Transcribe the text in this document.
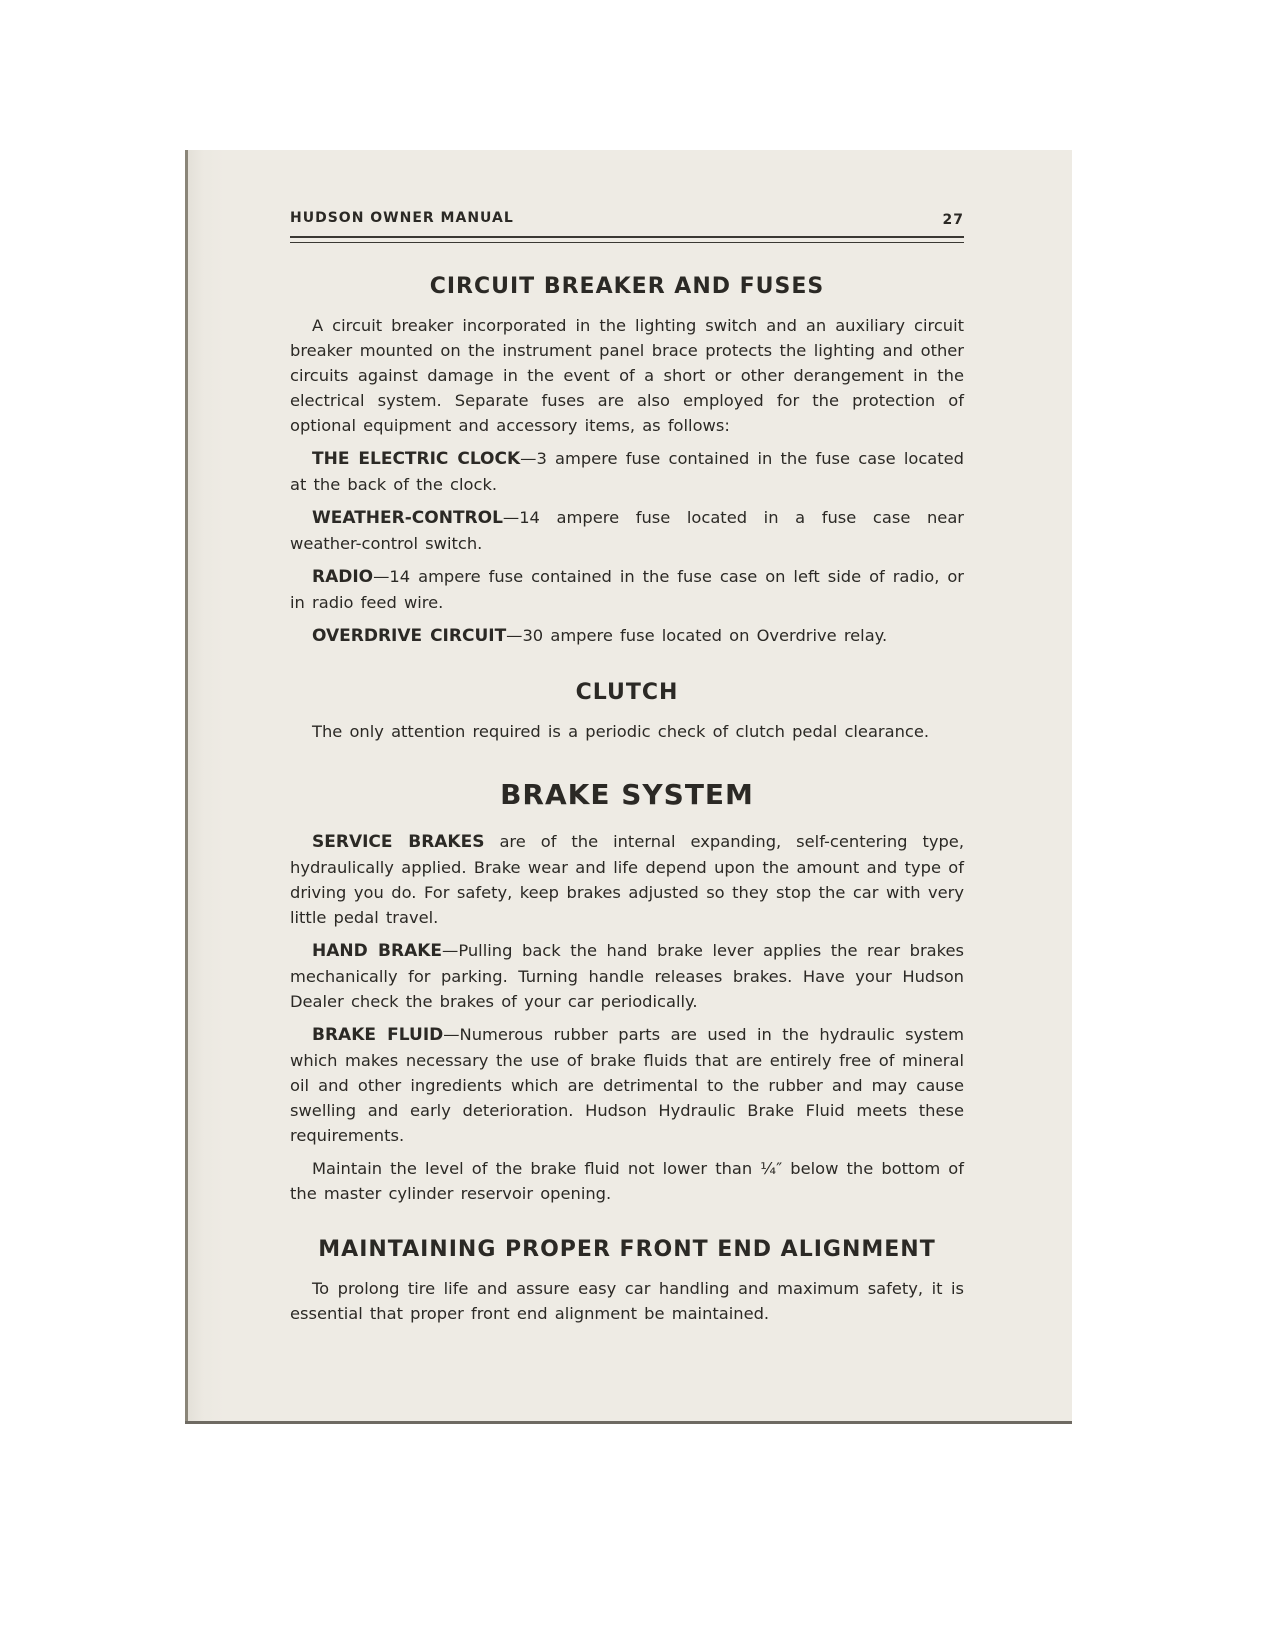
HUDSON OWNER MANUAL	27
CIRCUIT BREAKER AND FUSES

A circuit breaker incorporated in the lighting switch and an auxiliary circuit breaker mounted on the instrument panel brace protects the lighting and other circuits against damage in the event of a short or other derangement in the electrical system. Separate fuses are also employed for the protection of optional equipment and accessory items, as follows:

THE ELECTRIC CLOCK—3 ampere fuse contained in the fuse case located at the back of the clock.

WEATHER-CONTROL—14 ampere fuse located in a fuse case near weather-control switch.

RADIO—14 ampere fuse contained in the fuse case on left side of radio, or in radio feed wire.

OVERDRIVE CIRCUIT—30 ampere fuse located on Overdrive relay.

CLUTCH

The only attention required is a periodic check of clutch pedal clearance.

BRAKE SYSTEM

SERVICE BRAKES are of the internal expanding, self-centering type, hydraulically applied. Brake wear and life depend upon the amount and type of driving you do. For safety, keep brakes adjusted so they stop the car with very little pedal travel.

HAND BRAKE—Pulling back the hand brake lever applies the rear brakes mechanically for parking. Turning handle releases brakes. Have your Hudson Dealer check the brakes of your car periodically.

BRAKE FLUID—Numerous rubber parts are used in the hydraulic system which makes necessary the use of brake fluids that are entirely free of mineral oil and other ingredients which are detrimental to the rubber and may cause swelling and early deterioration. Hudson Hydraulic Brake Fluid meets these requirements.

Maintain the level of the brake fluid not lower than ¼″ below the bottom of the master cylinder reservoir opening.

MAINTAINING PROPER FRONT END ALIGNMENT

To prolong tire life and assure easy car handling and maximum safety, it is essential that proper front end alignment be maintained.
